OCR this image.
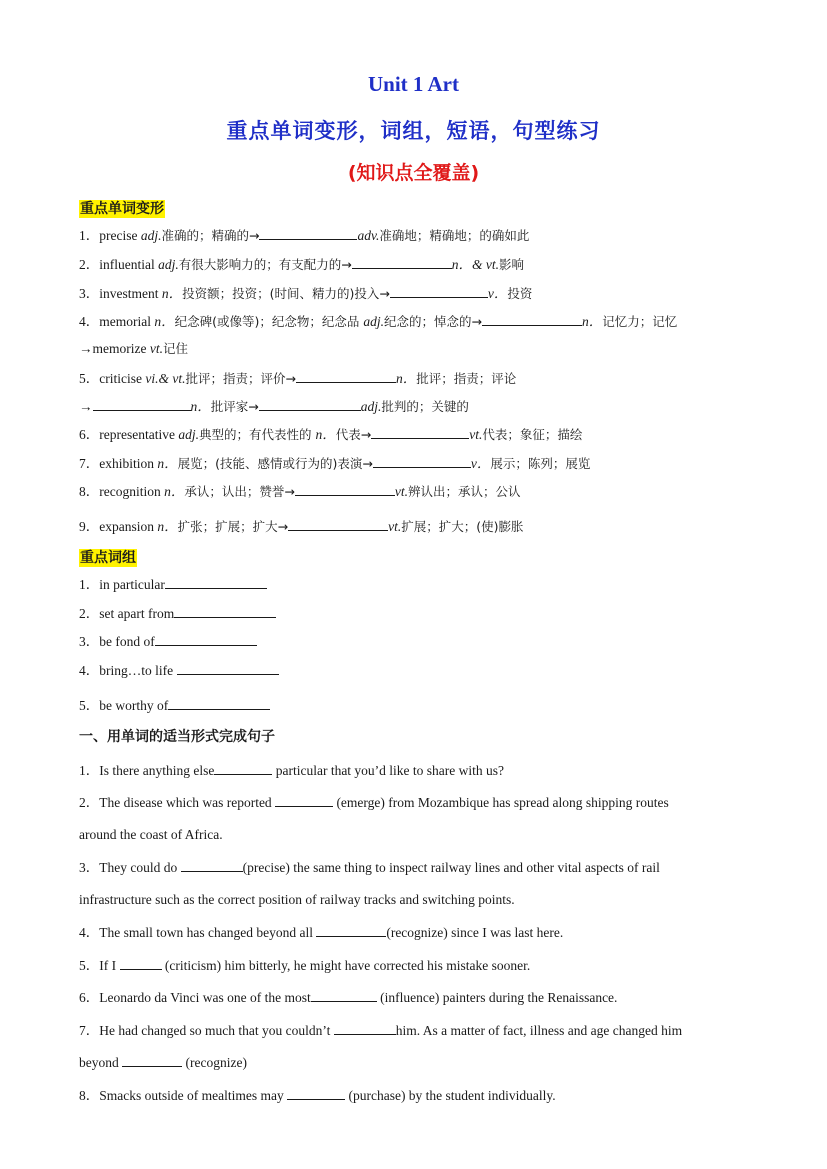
Unit 1 Art
重点单词变形，词组，短语，句型练习
(知识点全覆盖)
重点单词变形
1．precise adj.准确的；精确的→	adv.准确地；精确地；的确如此
2．influential adj.有很大影响力的；有支配力的→	n．& vt.影响
3．investment n．投资额；投资；(时间、精力的)投入→	v．投资
4．memorial n．纪念碑(或像等)；纪念物；纪念品 adj.纪念的；悼念的→	n．记忆力；记忆
→memorize vt.记住
5．criticise vi.& vt.批评；指责；评价→	n．批评；指责；评论
→	n．批评家→	adj.批判的；关键的
6．representative adj.典型的；有代表性的 n．代表→	vt.代表；象征；描绘
7．exhibition n．展览；(技能、感情或行为的)表演→	v．展示；陈列；展览
8．recognition n．承认；认出；赞誉→	vt.辨认出；承认；公认
9．expansion n．扩张；扩展；扩大→	vt.扩展；扩大；(使)膨胀
重点词组
1．in particular
2．set apart from
3．be fond of
4．bring…to life
5．be worthy of
一、用单词的适当形式完成句子
1．Is there anything else	particular that you’d like to share with us?
2．The disease which was reported	(emerge) from Mozambique has spread along shipping routes
around the coast of Africa.
3．They could do	(precise) the same thing to inspect railway lines and other vital aspects of rail
infrastructure such as the correct position of railway tracks and switching points.
4．The small town has changed beyond all	(recognize) since I was last here.
5．If I	(criticism) him bitterly, he might have corrected his mistake sooner.
6．Leonardo da Vinci was one of the most	(influence) painters during the Renaissance.
7．He had changed so much that you couldn’t	him. As a matter of fact, illness and age changed him
beyond	(recognize)
8．Smacks outside of mealtimes may	(purchase) by the student individually.
